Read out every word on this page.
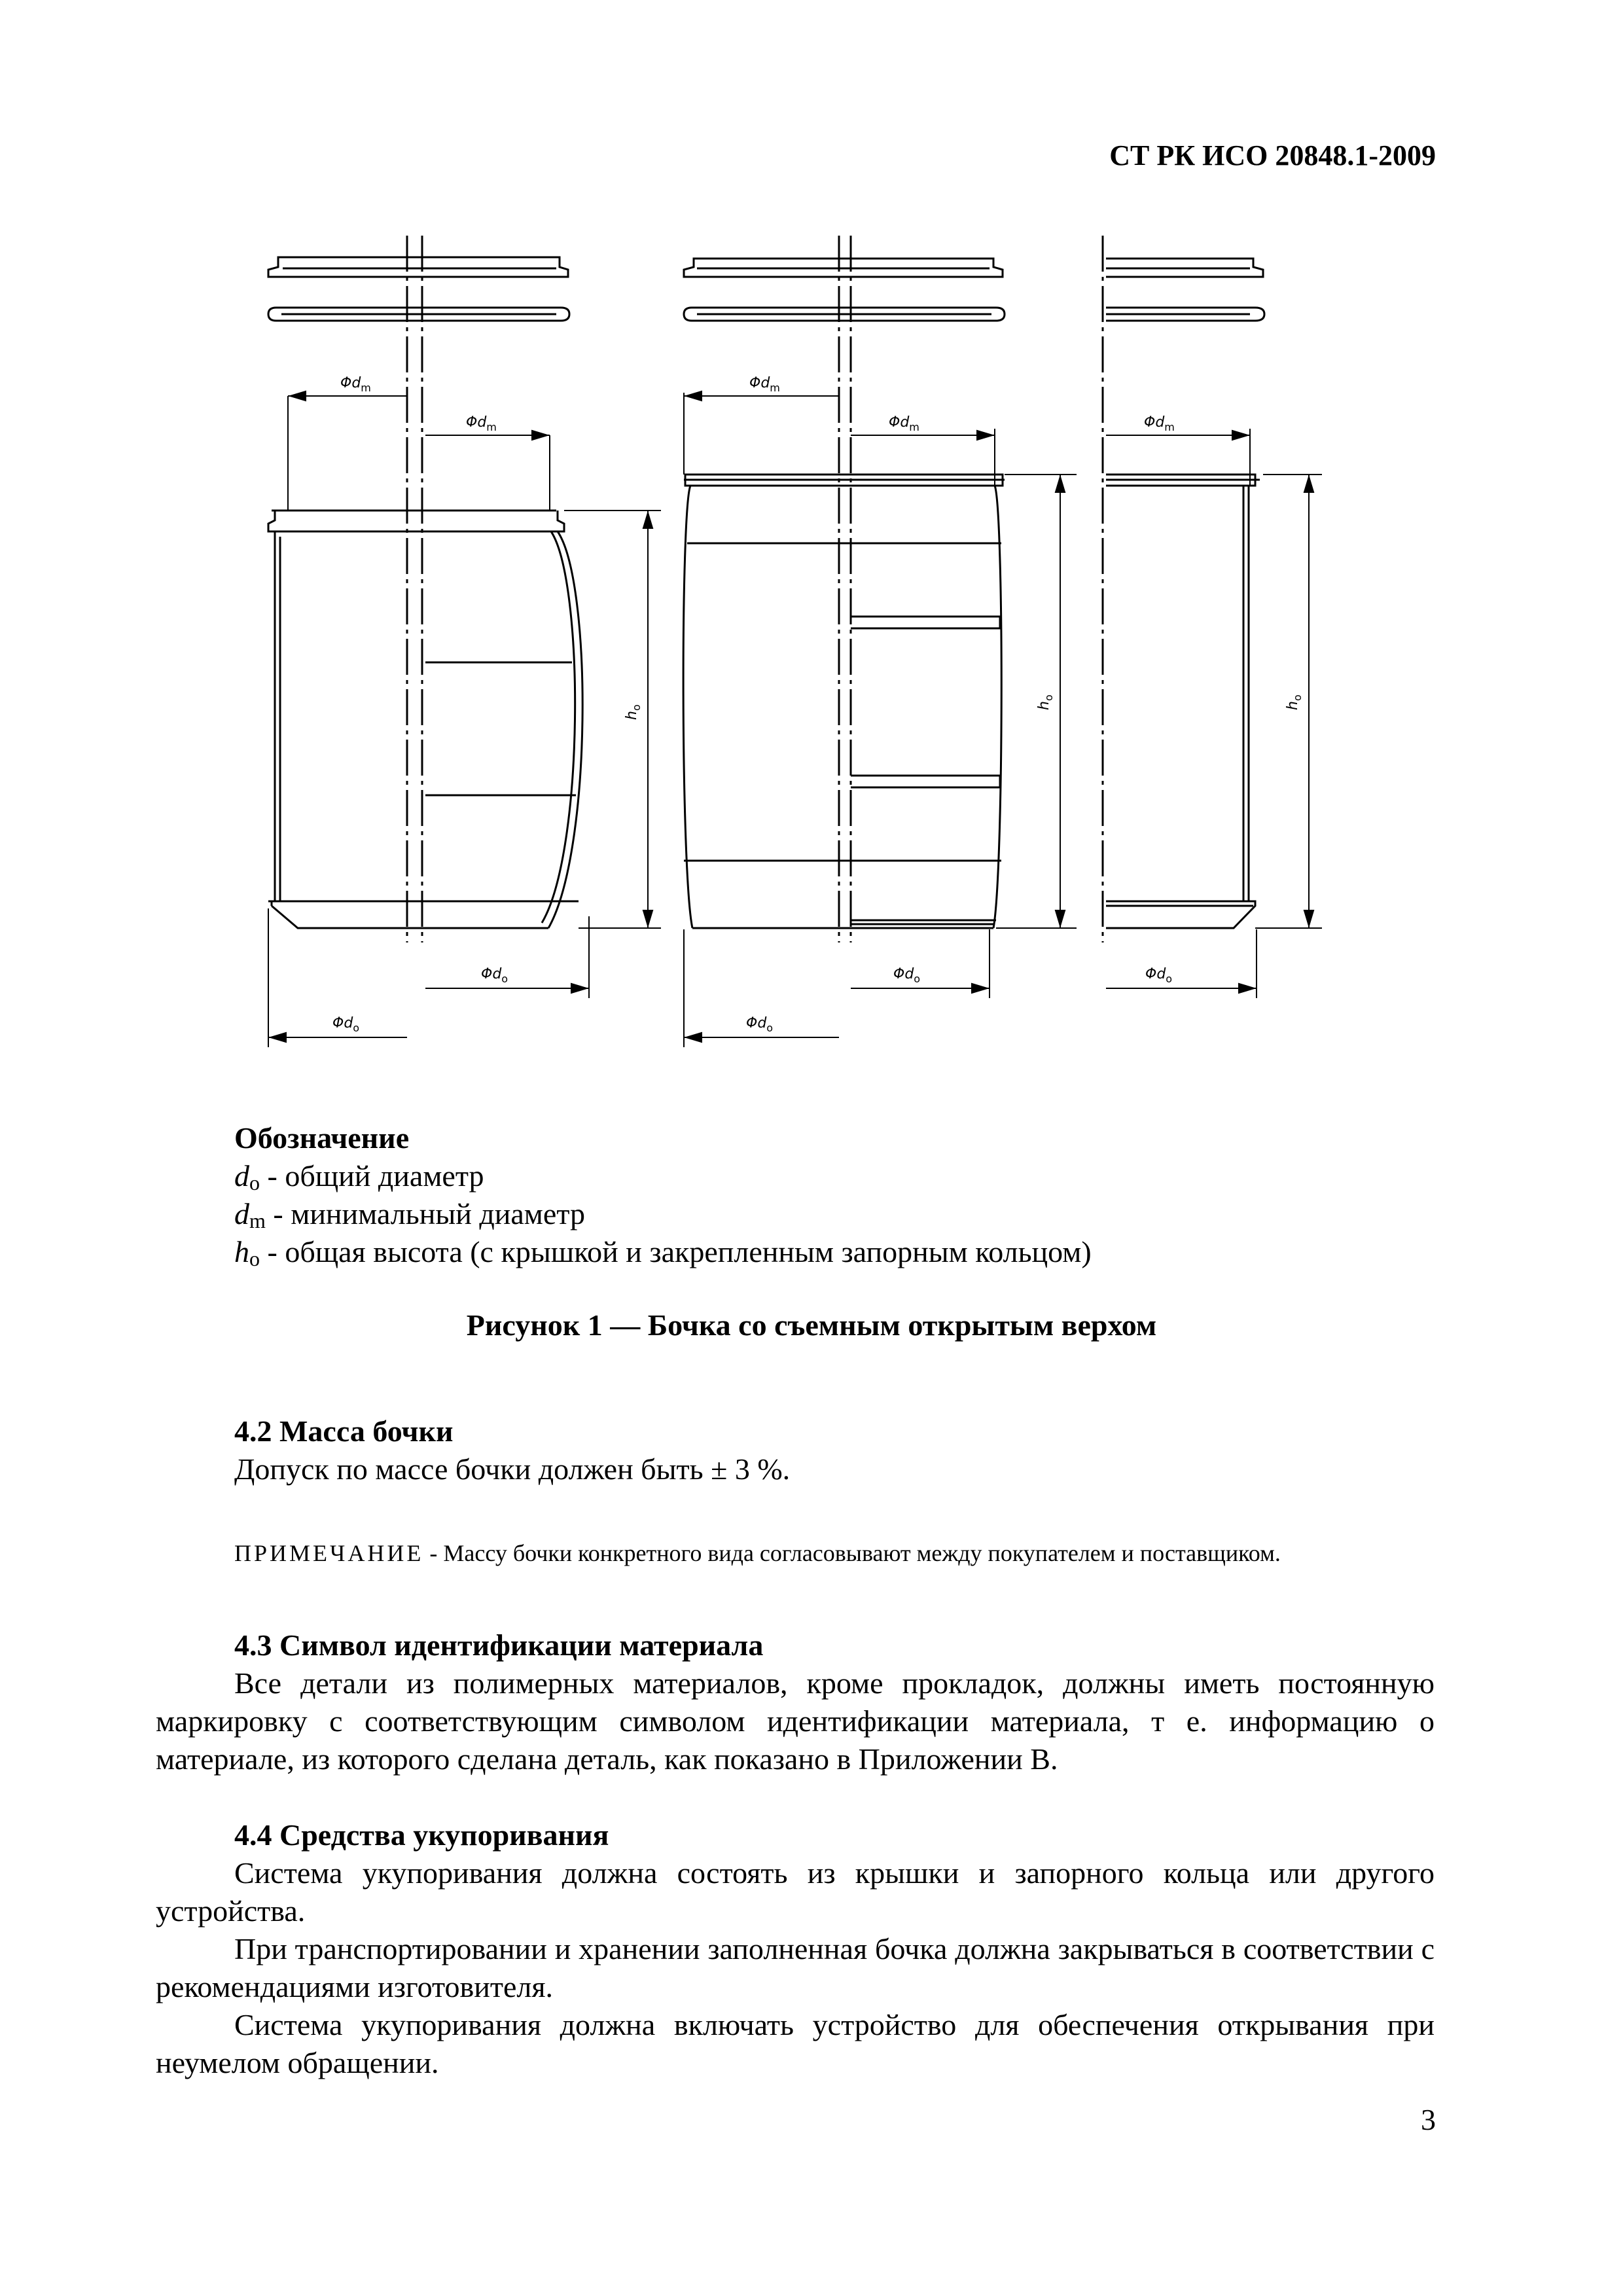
СТ РК ИСО 20848.1-2009
$\Phi d_m$
$\Phi d_m$
$\Phi d_m$
$\Phi d_m$	$\Phi d_m$
$\Phi d_o$
$\Phi d_o$
$\Phi d_o$
$\Phi d_o$
$\Phi d_o$
$h_o$	$h_o$
$h_o$
Обозначение
$d_o$ - общий диаметр
$d_m$ - минимальный диаметр
$h_o$ - общая высота (с крышкой и закрепленным запорным кольцом)
Рисунок 1 — Бочка со съемным открытым верхом
4.2 Масса бочки
Допуск по массе бочки должен быть ± 3 %.
ПРИМЕЧАНИЕ - Массу бочки конкретного вида согласовывают между покупателем и поставщиком.
4.3 Символ идентификации материала
Все детали из полимерных материалов, кроме прокладок, должны иметь постоянную маркировку с соответствующим символом идентификации материала, т е. информацию о материале, из которого сделана деталь, как показано в Приложении В.
4.4 Средства укупоривания
Система укупоривания должна состоять из крышки и запорного кольца или другого устройства.
При транспортировании и хранении заполненная бочка должна закрываться в соответствии с рекомендациями изготовителя.
Система укупоривания должна включать устройство для обеспечения открывания при неумелом обращении.
3
